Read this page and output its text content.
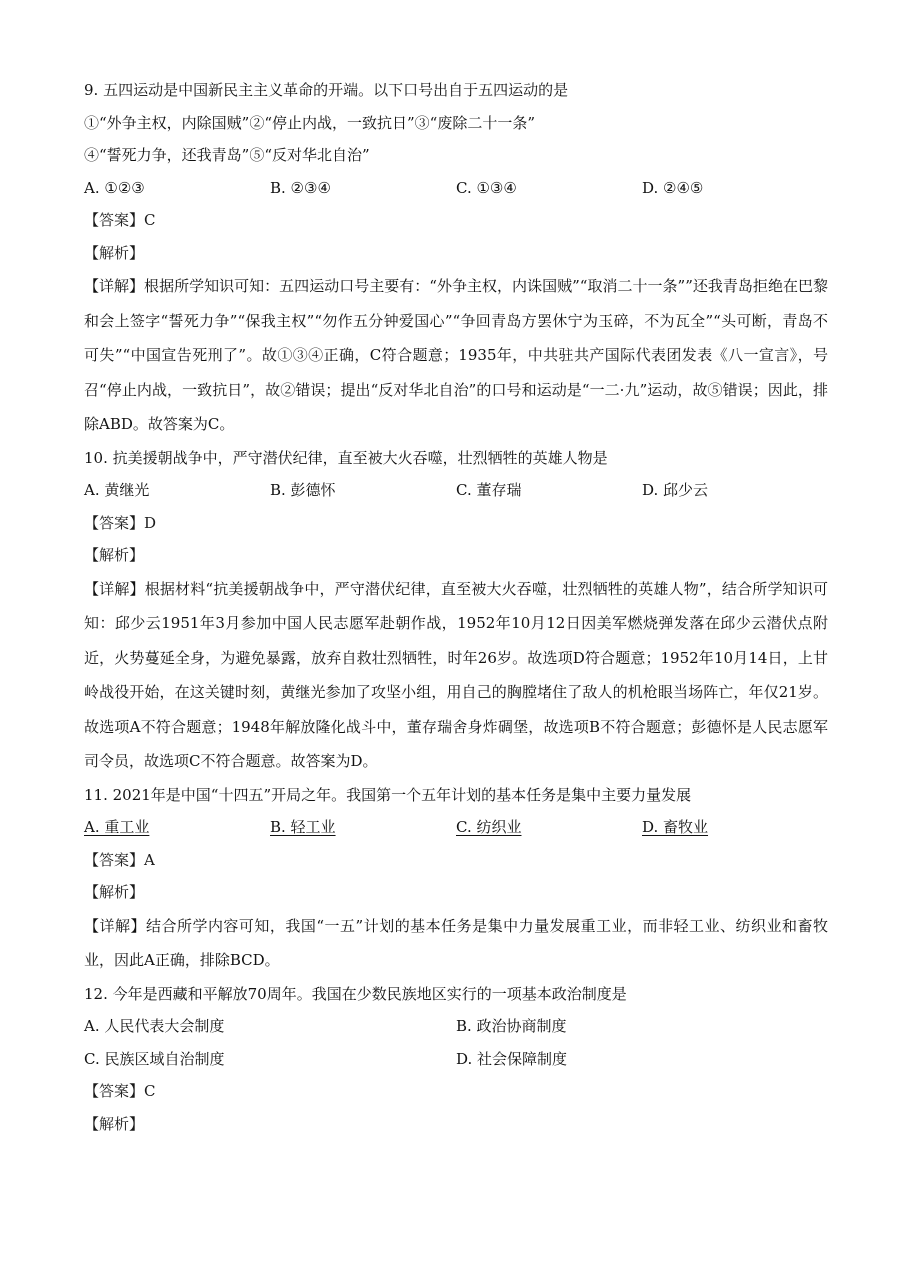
9. 五四运动是中国新民主主义革命的开端。以下口号出自于五四运动的是
①“外争主权，内除国贼”②“停止内战，一致抗日”③“废除二十一条”
④“誓死力争，还我青岛”⑤“反对华北自治”
A. ①②③	B. ②③④	C. ①③④	D. ②④⑤
【答案】C
【解析】
【详解】根据所学知识可知：五四运动口号主要有：“外争主权，内诛国贼”“取消二十一条””还我青岛拒绝在巴黎和会上签字“誓死力争”“保我主权”“勿作五分钟爱国心”“争回青岛方罢休宁为玉碎，不为瓦全”“头可断，青岛不可失”“中国宣告死刑了”。故①③④正确，C符合题意；1935年，中共驻共产国际代表团发表《八一宣言》，号召“停止内战，一致抗日”，故②错误；提出“反对华北自治”的口号和运动是“一二·九”运动，故⑤错误；因此，排除ABD。故答案为C。
10. 抗美援朝战争中，严守潜伏纪律，直至被大火吞噬，壮烈牺牲的英雄人物是
A. 黄继光	B. 彭德怀	C. 董存瑞	D. 邱少云
【答案】D
【解析】
【详解】根据材料“抗美援朝战争中，严守潜伏纪律，直至被大火吞噬，壮烈牺牲的英雄人物”，结合所学知识可知：邱少云1951年3月参加中国人民志愿军赴朝作战，1952年10月12日因美军燃烧弹发落在邱少云潜伏点附近，火势蔓延全身，为避免暴露，放弃自救壮烈牺牲，时年26岁。故选项D符合题意；1952年10月14日，上甘岭战役开始，在这关键时刻，黄继光参加了攻坚小组，用自己的胸膛堵住了敌人的机枪眼当场阵亡，年仅21岁。故选项A不符合题意；1948年解放隆化战斗中，董存瑞舍身炸碉堡，故选项B不符合题意；彭德怀是人民志愿军司令员，故选项C不符合题意。故答案为D。
11. 2021年是中国“十四五”开局之年。我国第一个五年计划的基本任务是集中主要力量发展
A. 重工业	B. 轻工业	C. 纺织业	D. 畜牧业
【答案】A
【解析】
【详解】结合所学内容可知，我国“一五”计划的基本任务是集中力量发展重工业，而非轻工业、纺织业和畜牧业，因此A正确，排除BCD。
12. 今年是西藏和平解放70周年。我国在少数民族地区实行的一项基本政治制度是
A. 人民代表大会制度	B. 政治协商制度
C. 民族区域自治制度	D. 社会保障制度
【答案】C
【解析】
